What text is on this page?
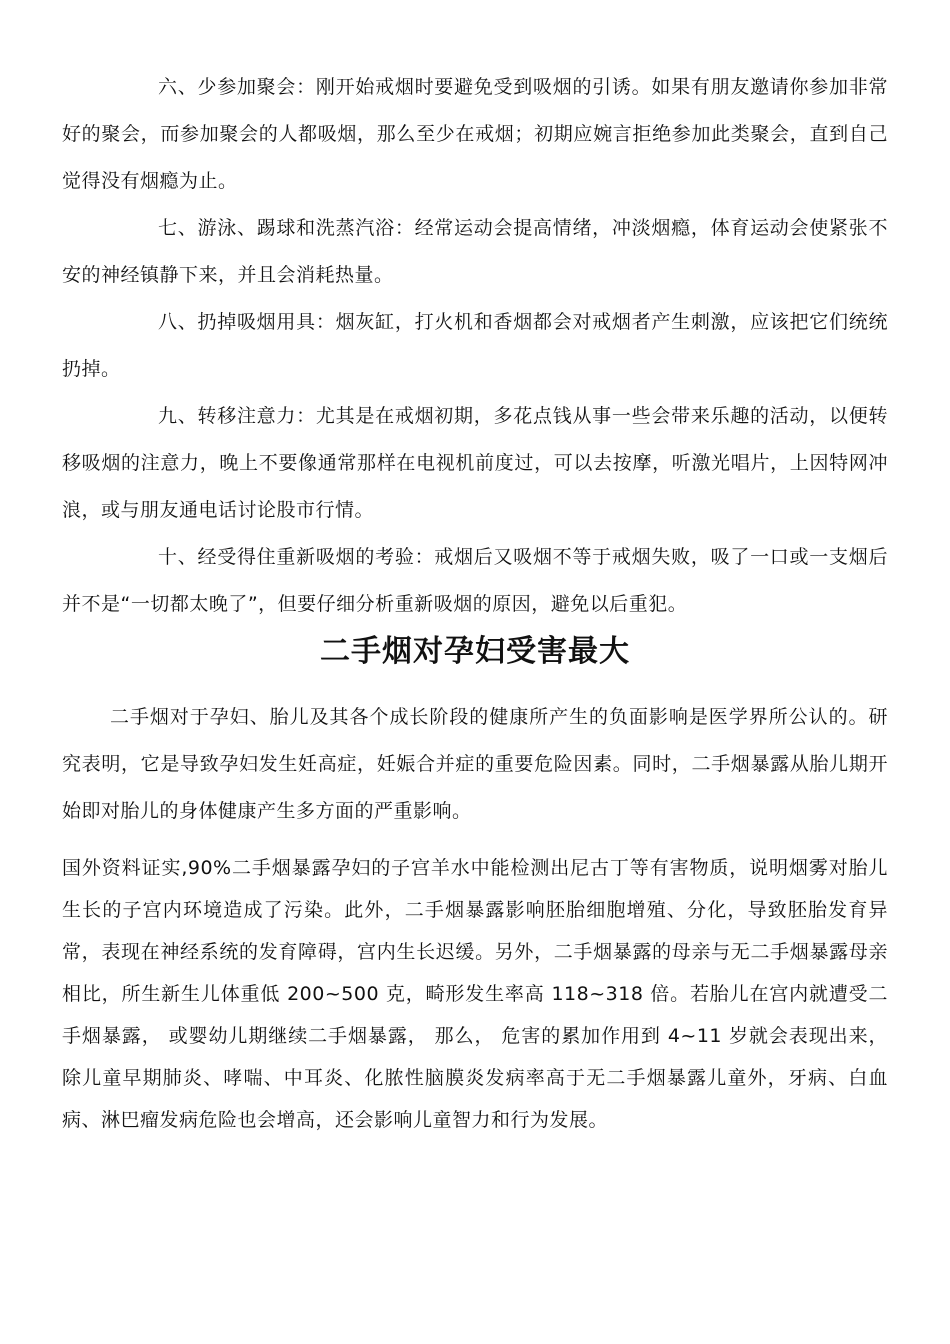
六、少参加聚会：刚开始戒烟时要避免受到吸烟的引诱。如果有朋友邀请你参加非常好的聚会，而参加聚会的人都吸烟，那么至少在戒烟；初期应婉言拒绝参加此类聚会，直到自己觉得没有烟瘾为止。

七、游泳、踢球和洗蒸汽浴：经常运动会提高情绪，冲淡烟瘾，体育运动会使紧张不安的神经镇静下来，并且会消耗热量。

八、扔掉吸烟用具：烟灰缸，打火机和香烟都会对戒烟者产生刺激，应该把它们统统扔掉。

九、转移注意力：尤其是在戒烟初期，多花点钱从事一些会带来乐趣的活动，以便转移吸烟的注意力，晚上不要像通常那样在电视机前度过，可以去按摩，听激光唱片，上因特网冲浪，或与朋友通电话讨论股市行情。

十、经受得住重新吸烟的考验：戒烟后又吸烟不等于戒烟失败，吸了一口或一支烟后并不是“一切都太晚了”，但要仔细分析重新吸烟的原因，避免以后重犯。

二手烟对孕妇受害最大

二手烟对于孕妇、胎儿及其各个成长阶段的健康所产生的负面影响是医学界所公认的。研究表明，它是导致孕妇发生妊高症，妊娠合并症的重要危险因素。同时，二手烟暴露从胎儿期开始即对胎儿的身体健康产生多方面的严重影响。

国外资料证实,90%二手烟暴露孕妇的子宫羊水中能检测出尼古丁等有害物质，说明烟雾对胎儿生长的子宫内环境造成了污染。此外，二手烟暴露影响胚胎细胞增殖、分化，导致胚胎发育异常，表现在神经系统的发育障碍，宫内生长迟缓。另外，二手烟暴露的母亲与无二手烟暴露母亲相比，所生新生儿体重低 200~500 克，畸形发生率高 118~318 倍。若胎儿在宫内就遭受二手烟暴露， 或婴幼儿期继续二手烟暴露， 那么， 危害的累加作用到 4~11 岁就会表现出来，除儿童早期肺炎、哮喘、中耳炎、化脓性脑膜炎发病率高于无二手烟暴露儿童外，牙病、白血病、淋巴瘤发病危险也会增高，还会影响儿童智力和行为发展。
